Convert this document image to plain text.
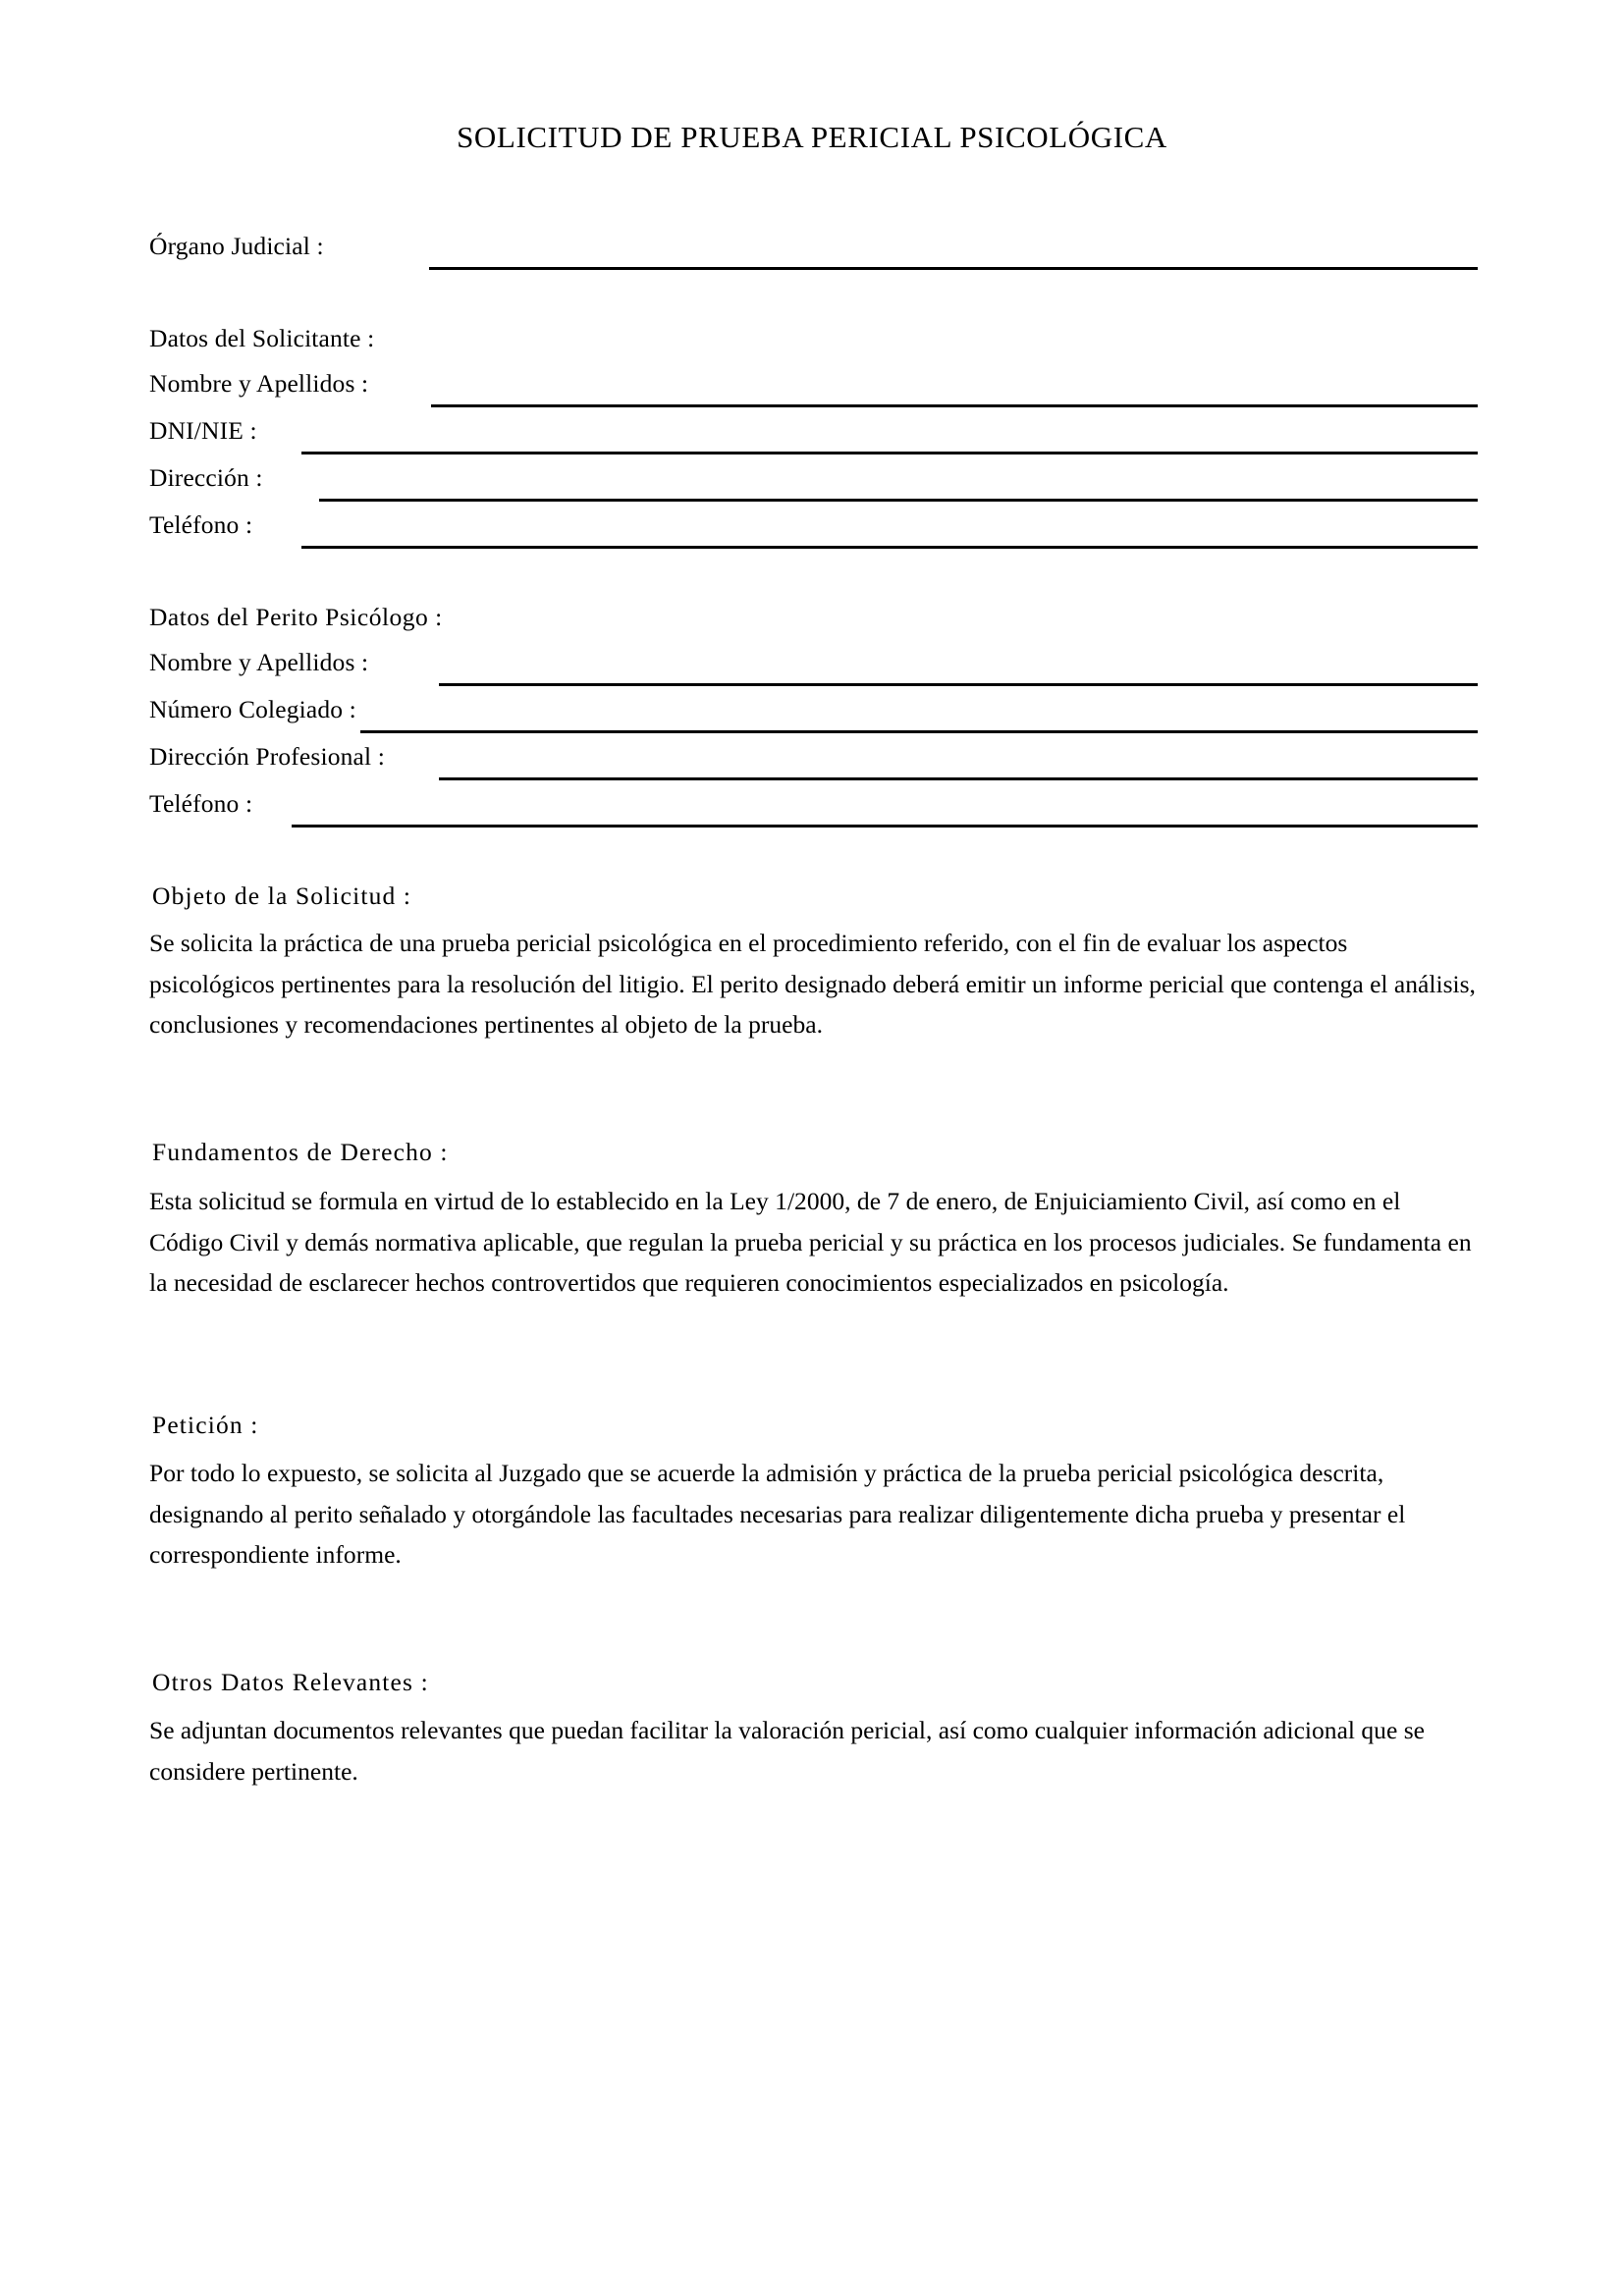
SOLICITUD DE PRUEBA PERICIAL PSICOLÓGICA
Órgano Judicial :
Datos del Solicitante :
Nombre y Apellidos :
DNI/NIE :
Dirección :
Teléfono :
Datos del Perito Psicólogo :
Nombre y Apellidos :
Número Colegiado :
Dirección Profesional :
Teléfono :
Objeto de la Solicitud :
Se solicita la práctica de una prueba pericial psicológica en el procedimiento referido, con el fin de evaluar los aspectos psicológicos pertinentes para la resolución del litigio. El perito designado deberá emitir un informe pericial que contenga el análisis, conclusiones y recomendaciones pertinentes al objeto de la prueba.
Fundamentos de Derecho :
Esta solicitud se formula en virtud de lo establecido en la Ley 1/2000, de 7 de enero, de Enjuiciamiento Civil, así como en el Código Civil y demás normativa aplicable, que regulan la prueba pericial y su práctica en los procesos judiciales. Se fundamenta en la necesidad de esclarecer hechos controvertidos que requieren conocimientos especializados en psicología.
Petición :
Por todo lo expuesto, se solicita al Juzgado que se acuerde la admisión y práctica de la prueba pericial psicológica descrita, designando al perito señalado y otorgándole las facultades necesarias para realizar diligentemente dicha prueba y presentar el correspondiente informe.
Otros Datos Relevantes :
Se adjuntan documentos relevantes que puedan facilitar la valoración pericial, así como cualquier información adicional que se considere pertinente.
